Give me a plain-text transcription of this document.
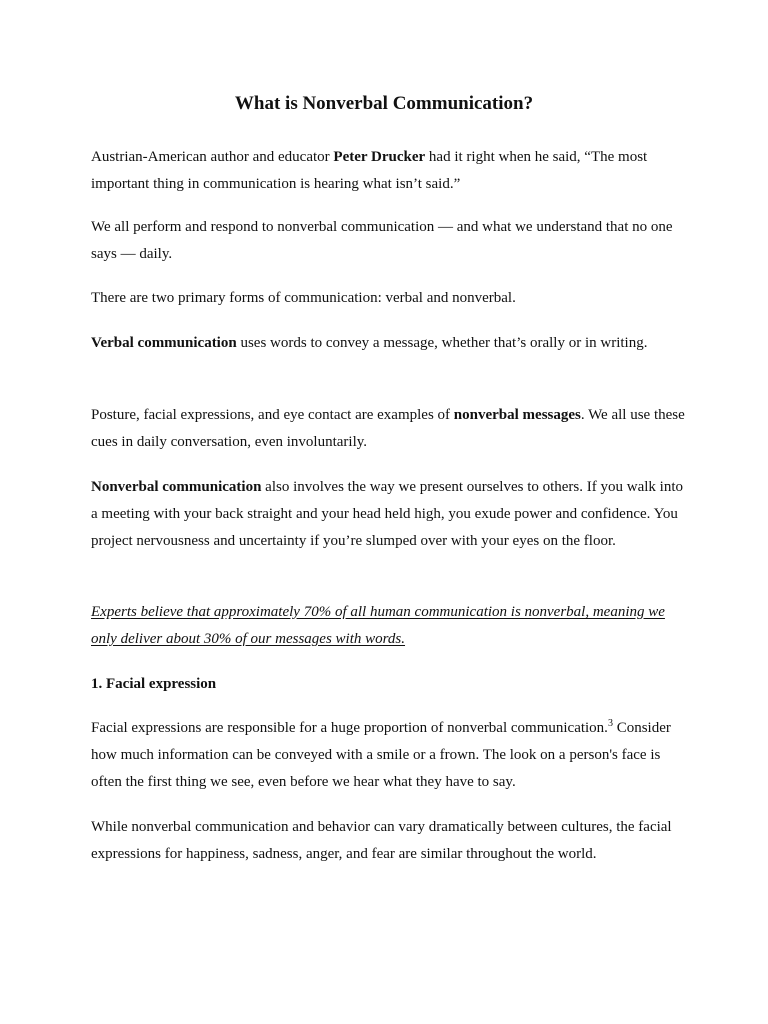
What is Nonverbal Communication?

Austrian-American author and educator Peter Drucker had it right when he said, “The most important thing in communication is hearing what isn’t said.”

We all perform and respond to nonverbal communication — and what we understand that no one says — daily.

There are two primary forms of communication: verbal and nonverbal.

Verbal communication uses words to convey a message, whether that’s orally or in writing.

Posture, facial expressions, and eye contact are examples of nonverbal messages. We all use these cues in daily conversation, even involuntarily.

Nonverbal communication also involves the way we present ourselves to others. If you walk into a meeting with your back straight and your head held high, you exude power and confidence. You project nervousness and uncertainty if you’re slumped over with your eyes on the floor.

Experts believe that approximately 70% of all human communication is nonverbal, meaning we only deliver about 30% of our messages with words.

1. Facial expression

Facial expressions are responsible for a huge proportion of nonverbal communication.$^3$ Consider how much information can be conveyed with a smile or a frown. The look on a person's face is often the first thing we see, even before we hear what they have to say.

While nonverbal communication and behavior can vary dramatically between cultures, the facial expressions for happiness, sadness, anger, and fear are similar throughout the world.
